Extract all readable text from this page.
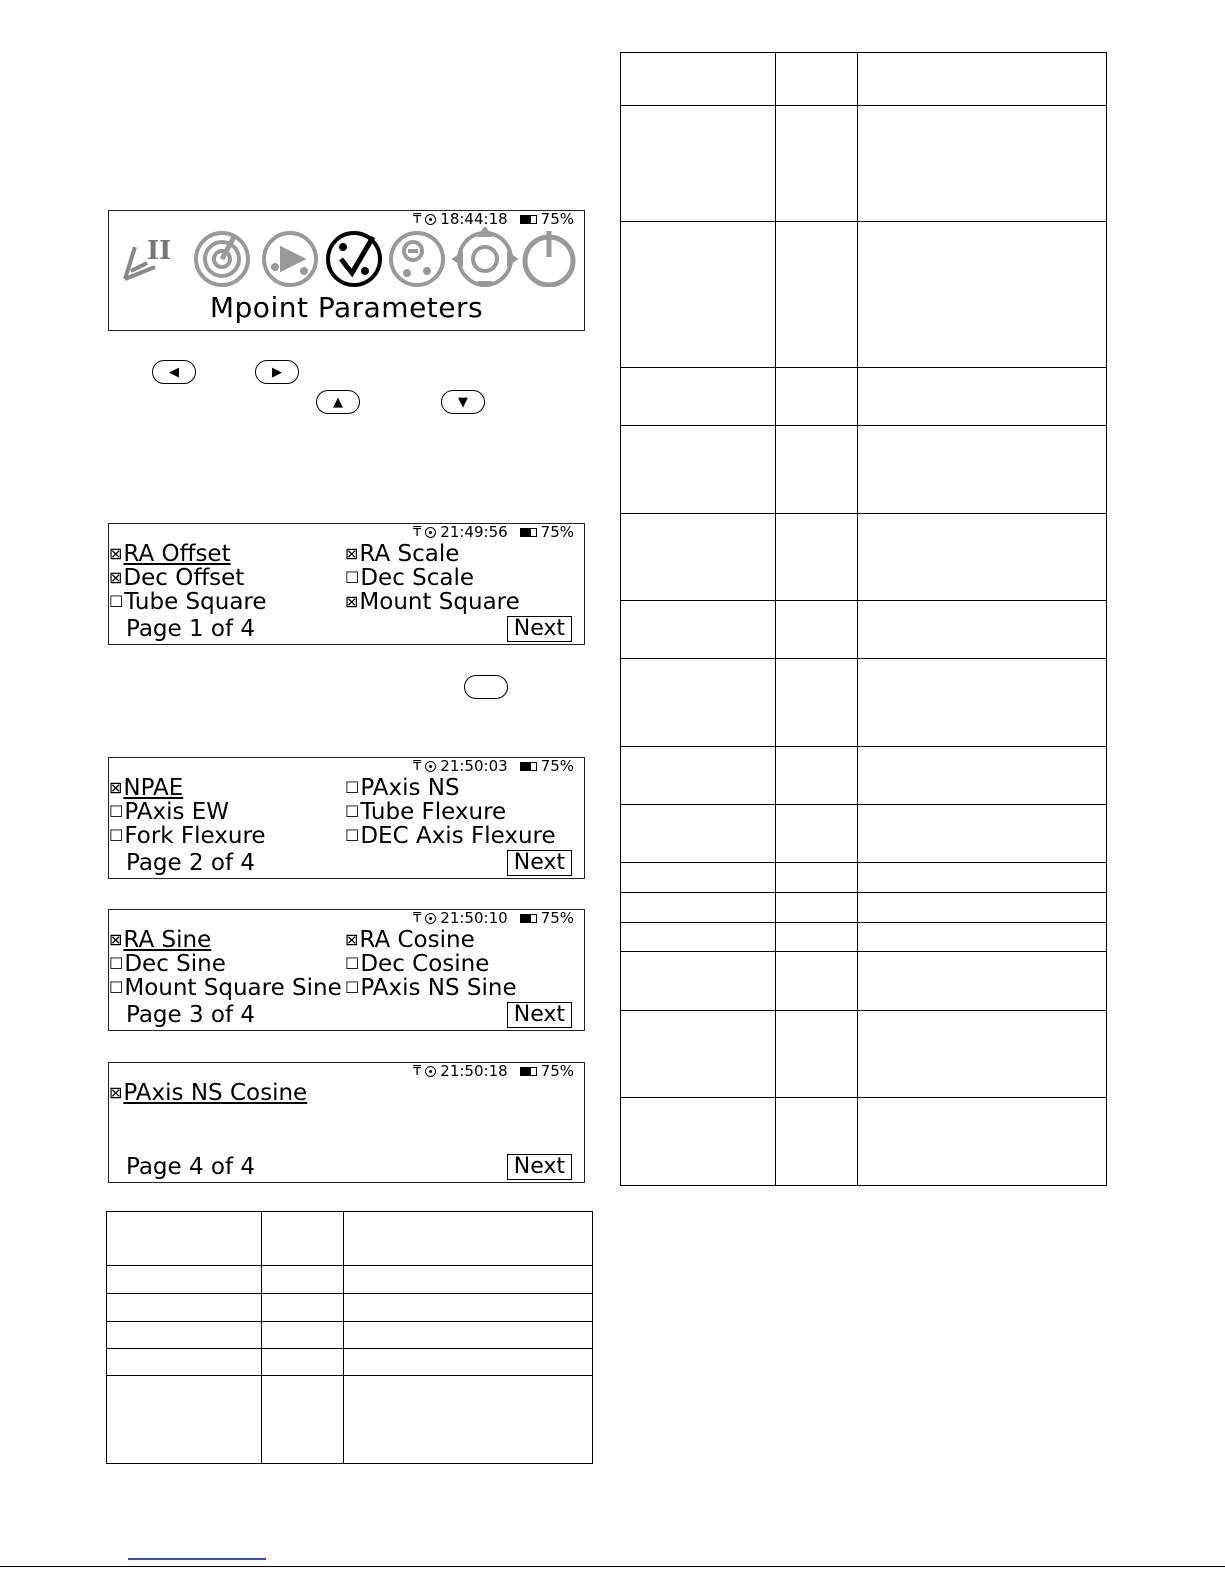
₸ 18:44:18 75%
II
Mpoint Parameters
◀	▶
▲	▼
₸ 21:49:56 75%
⊠RA Offset	⊠RA Scale
⊠Dec Offset	☐Dec Scale
☐Tube Square	⊠Mount Square
Page 1 of 4	Next
₸ 21:50:03 75%
⊠NPAE	☐PAxis NS
☐PAxis EW	☐Tube Flexure
☐Fork Flexure	☐DEC Axis Flexure
Page 2 of 4	Next
₸ 21:50:10 75%
⊠RA Sine	⊠RA Cosine
☐Dec Sine	☐Dec Cosine
☐Mount Square Sine ☐PAxis NS Sine
Page 3 of 4	Next
₸ 21:50:18 75%
⊠PAxis NS Cosine
Page 4 of 4	Next
